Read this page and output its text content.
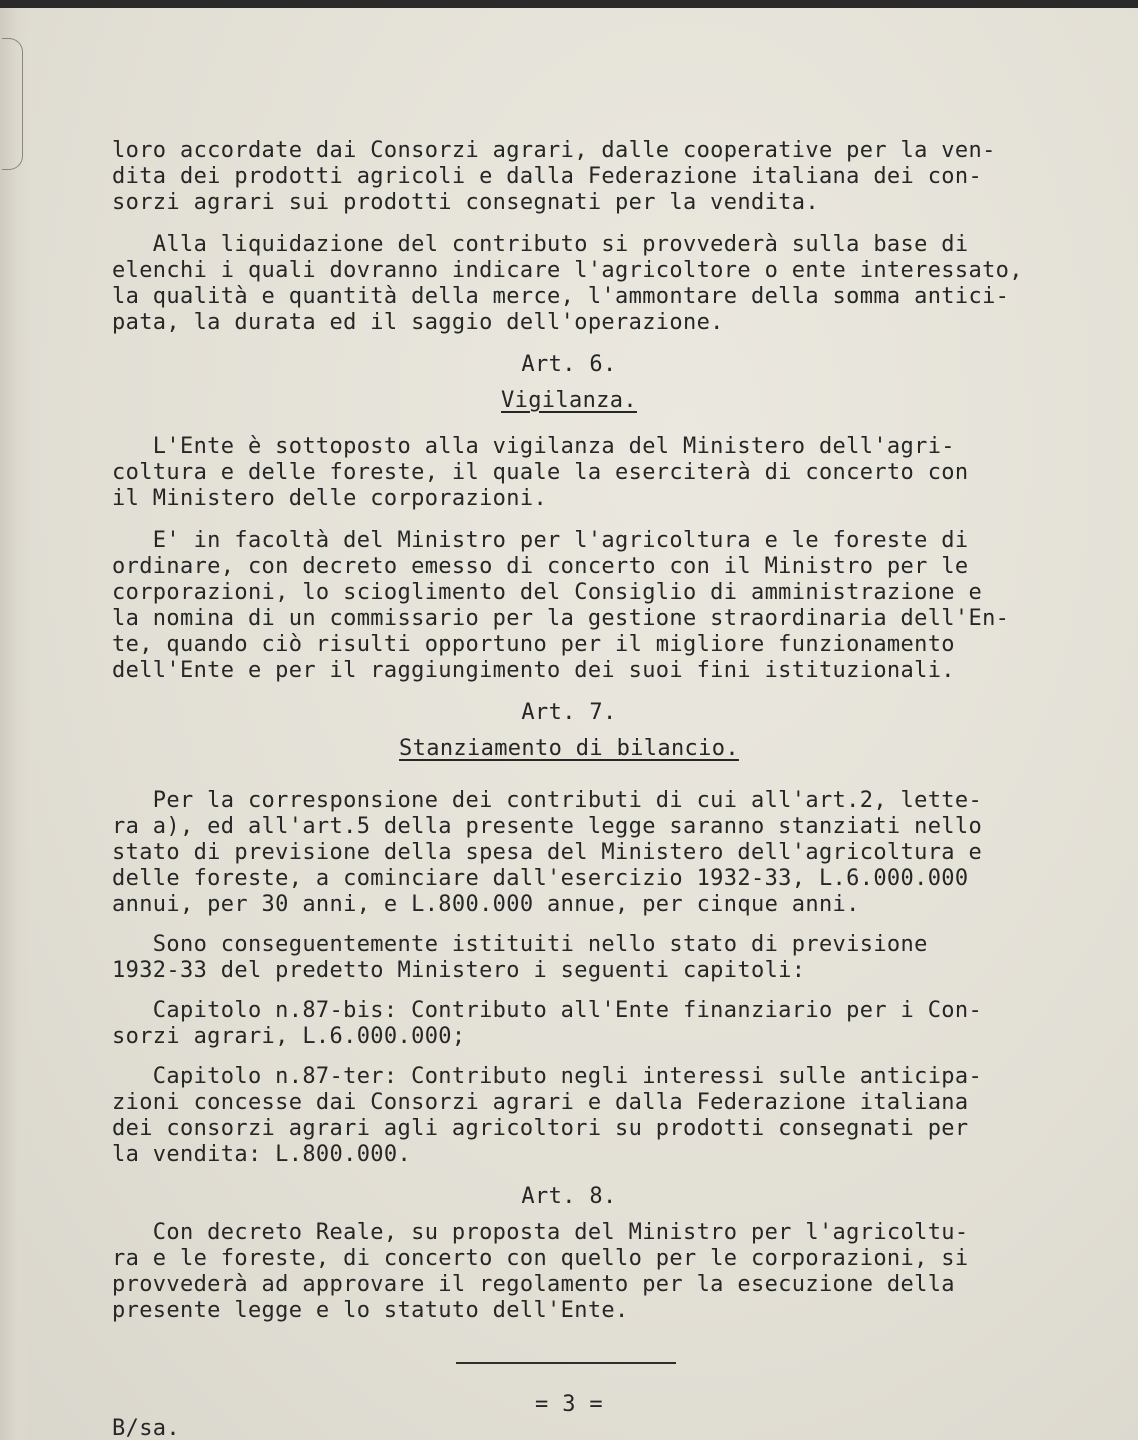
loro accordate dai Consorzi agrari, dalle cooperative per la ven-
dita dei prodotti agricoli e dalla Federazione italiana dei con-
sorzi agrari sui prodotti consegnati per la vendita.
Alla liquidazione del contributo si provvederà sulla base di
elenchi i quali dovranno indicare l'agricoltore o ente interessato,
la qualità e quantità della merce, l'ammontare della somma antici-
pata, la durata ed il saggio dell'operazione.
Art. 6.
Vigilanza.
L'Ente è sottoposto alla vigilanza del Ministero dell'agri-
coltura e delle foreste, il quale la eserciterà di concerto con
il Ministero delle corporazioni.
E' in facoltà del Ministro per l'agricoltura e le foreste di
ordinare, con decreto emesso di concerto con il Ministro per le
corporazioni, lo scioglimento del Consiglio di amministrazione e
la nomina di un commissario per la gestione straordinaria dell'En-
te, quando ciò risulti opportuno per il migliore funzionamento
dell'Ente e per il raggiungimento dei suoi fini istituzionali.
Art. 7.
Stanziamento di bilancio.
Per la corresponsione dei contributi di cui all'art.2, lette-
ra a), ed all'art.5 della presente legge saranno stanziati nello
stato di previsione della spesa del Ministero dell'agricoltura e
delle foreste, a cominciare dall'esercizio 1932-33, L.6.000.000
annui, per 30 anni, e L.800.000 annue, per cinque anni.
Sono conseguentemente istituiti nello stato di previsione
1932-33 del predetto Ministero i seguenti capitoli:
Capitolo n.87-bis: Contributo all'Ente finanziario per i Con-
sorzi agrari, L.6.000.000;
Capitolo n.87-ter: Contributo negli interessi sulle anticipa-
zioni concesse dai Consorzi agrari e dalla Federazione italiana
dei consorzi agrari agli agricoltori su prodotti consegnati per
la vendita: L.800.000.
Art. 8.
Con decreto Reale, su proposta del Ministro per l'agricoltu-
ra e le foreste, di concerto con quello per le corporazioni, si
provvederà ad approvare il regolamento per la esecuzione della
presente legge e lo statuto dell'Ente.
= 3 =
B/sa.
